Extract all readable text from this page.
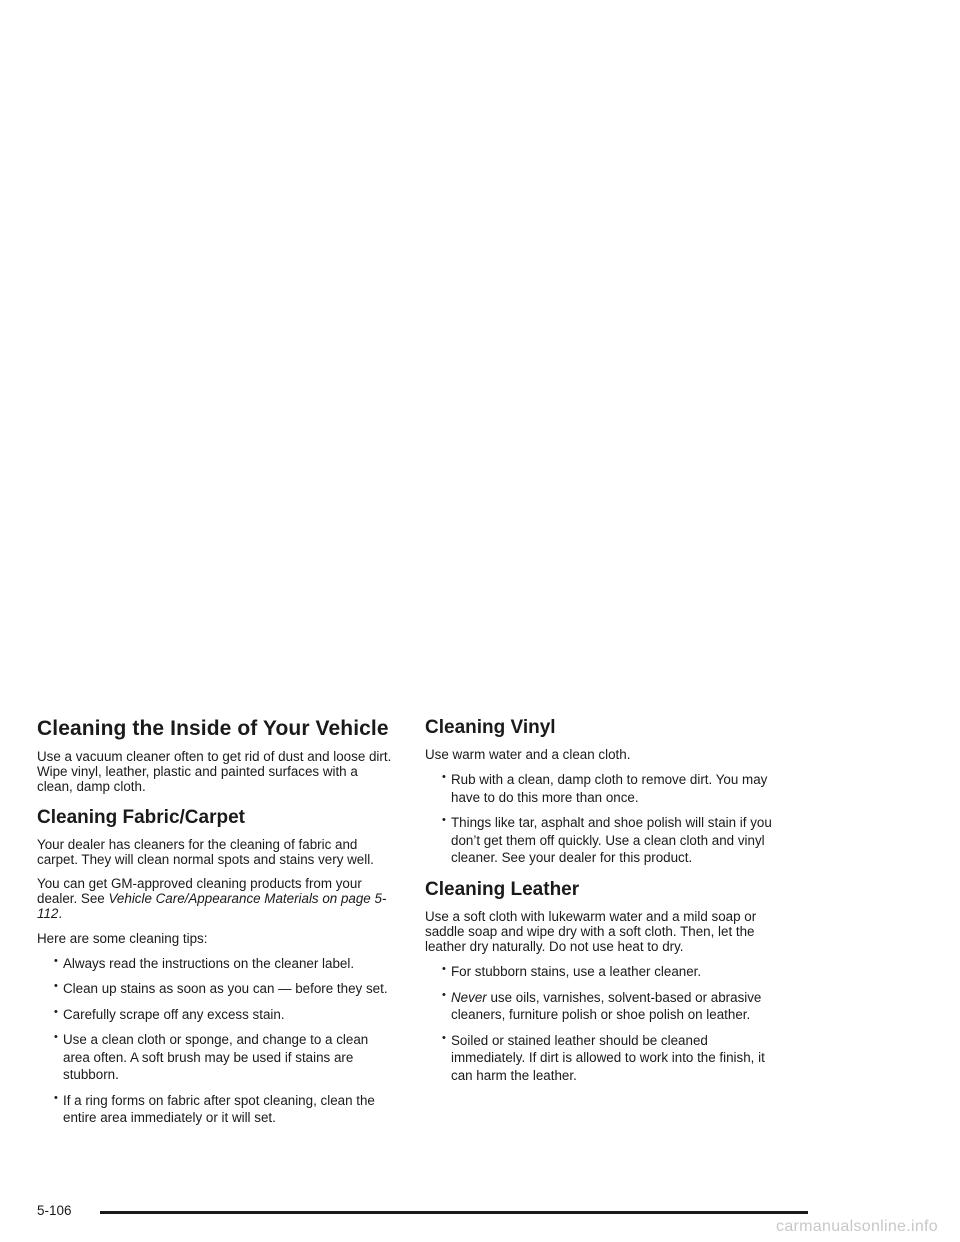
Cleaning the Inside of Your Vehicle

Use a vacuum cleaner often to get rid of dust and loose dirt. Wipe vinyl, leather, plastic and painted surfaces with a clean, damp cloth.

Cleaning Fabric/Carpet

Your dealer has cleaners for the cleaning of fabric and carpet. They will clean normal spots and stains very well.

You can get GM-approved cleaning products from your dealer. See Vehicle Care/Appearance Materials on page 5-112.

Here are some cleaning tips:

• Always read the instructions on the cleaner label.
• Clean up stains as soon as you can — before they set.
• Carefully scrape off any excess stain.
• Use a clean cloth or sponge, and change to a clean area often. A soft brush may be used if stains are stubborn.
• If a ring forms on fabric after spot cleaning, clean the entire area immediately or it will set.
Cleaning Vinyl

Use warm water and a clean cloth.

• Rub with a clean, damp cloth to remove dirt. You may have to do this more than once.
• Things like tar, asphalt and shoe polish will stain if you don’t get them off quickly. Use a clean cloth and vinyl cleaner. See your dealer for this product.
Cleaning Leather

Use a soft cloth with lukewarm water and a mild soap or saddle soap and wipe dry with a soft cloth. Then, let the leather dry naturally. Do not use heat to dry.

• For stubborn stains, use a leather cleaner.
• Never use oils, varnishes, solvent-based or abrasive cleaners, furniture polish or shoe polish on leather.
• Soiled or stained leather should be cleaned immediately. If dirt is allowed to work into the finish, it can harm the leather.
5-106
carmanualsonline.info
